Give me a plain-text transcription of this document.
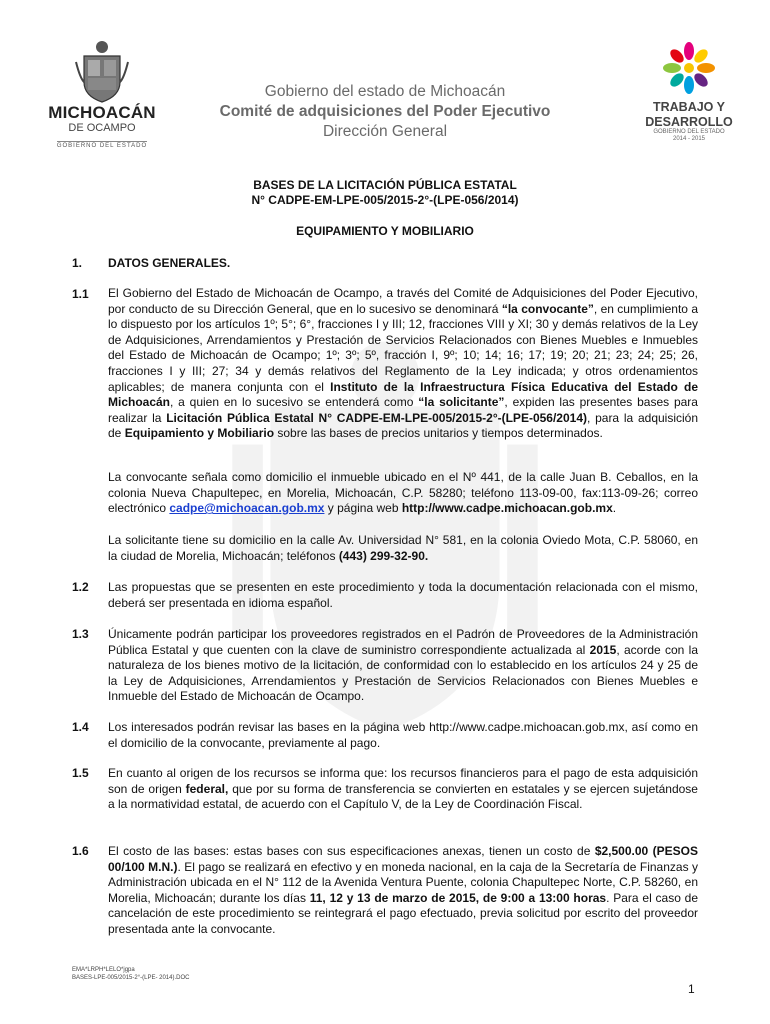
MICHOACÁN
DE OCAMPO
GOBIERNO DEL ESTADO
TRABAJO Y
DESARROLLO
GOBIERNO DEL ESTADO
2014 - 2015
Gobierno del estado de Michoacán
Comité de adquisiciones del Poder Ejecutivo
Dirección General
BASES DE LA LICITACIÓN PÚBLICA ESTATAL
N° CADPE-EM-LPE-005/2015-2°-(LPE-056/2014)
EQUIPAMIENTO Y MOBILIARIO
1. DATOS GENERALES.
1.1 El Gobierno del Estado de Michoacán de Ocampo, a través del Comité de Adquisiciones del Poder Ejecutivo, por conducto de su Dirección General, que en lo sucesivo se denominará “la convocante”, en cumplimiento a lo dispuesto por los artículos 1º; 5°; 6°, fracciones I y III; 12, fracciones VIII y XI; 30 y demás relativos de la Ley de Adquisiciones, Arrendamientos y Prestación de Servicios Relacionados con Bienes Muebles e Inmuebles del Estado de Michoacán de Ocampo; 1º; 3º; 5º, fracción I, 9º; 10; 14; 16; 17; 19; 20; 21; 23; 24; 25; 26, fracciones I y III; 27; 34 y demás relativos del Reglamento de la Ley indicada; y otros ordenamientos aplicables; de manera conjunta con el Instituto de la Infraestructura Física Educativa del Estado de Michoacán, a quien en lo sucesivo se entenderá como “la solicitante”, expiden las presentes bases para realizar la Licitación Pública Estatal N° CADPE-EM-LPE-005/2015-2°-(LPE-056/2014), para la adquisición de Equipamiento y Mobiliario sobre las bases de precios unitarios y tiempos determinados.
La convocante señala como domicilio el inmueble ubicado en el Nº 441, de la calle Juan B. Ceballos, en la colonia Nueva Chapultepec, en Morelia, Michoacán, C.P. 58280; teléfono 113-09-00, fax:113-09-26; correo electrónico cadpe@michoacan.gob.mx y página web http://www.cadpe.michoacan.gob.mx.
La solicitante tiene su domicilio en la calle Av. Universidad N° 581, en la colonia Oviedo Mota, C.P. 58060, en la ciudad de Morelia, Michoacán; teléfonos (443) 299-32-90.
1.2 Las propuestas que se presenten en este procedimiento y toda la documentación relacionada con el mismo, deberá ser presentada en idioma español.
1.3 Únicamente podrán participar los proveedores registrados en el Padrón de Proveedores de la Administración Pública Estatal y que cuenten con la clave de suministro correspondiente actualizada al 2015, acorde con la naturaleza de los bienes motivo de la licitación, de conformidad con lo establecido en los artículos 24 y 25 de la Ley de Adquisiciones, Arrendamientos y Prestación de Servicios Relacionados con Bienes Muebles e Inmueble del Estado de Michoacán de Ocampo.
1.4 Los interesados podrán revisar las bases en la página web http://www.cadpe.michoacan.gob.mx, así como en el domicilio de la convocante, previamente al pago.
1.5 En cuanto al origen de los recursos se informa que: los recursos financieros para el pago de esta adquisición son de origen federal, que por su forma de transferencia se convierten en estatales y se ejercen sujetándose a la normatividad estatal, de acuerdo con el Capítulo V, de la Ley de Coordinación Fiscal.
1.6 El costo de las bases: estas bases con sus especificaciones anexas, tienen un costo de $2,500.00 (PESOS 00/100 M.N.). El pago se realizará en efectivo y en moneda nacional, en la caja de la Secretaría de Finanzas y Administración ubicada en el N° 112 de la Avenida Ventura Puente, colonia Chapultepec Norte, C.P. 58260, en Morelia, Michoacán; durante los días 11, 12 y 13 de marzo de 2015, de 9:00 a 13:00 horas. Para el caso de cancelación de este procedimiento se reintegrará el pago efectuado, previa solicitud por escrito del proveedor presentada ante la convocante.
EMA*LRPH*LELO*jgpa
BASES-LPE-005/2015-2°-(LPE- 2014).DOC
1
